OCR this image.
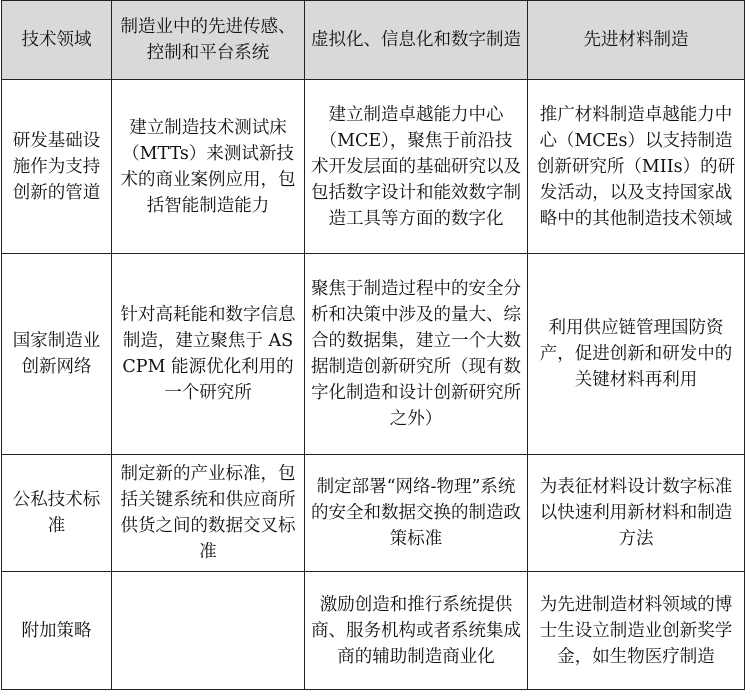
技术领域	制造业中的先进传感、控制和平台系统	虚拟化、信息化和数字制造	先进材料制造
研发基础设施作为支持创新的管道	建立制造技术测试床（MTTs）来测试新技术的商业案例应用，包括智能制造能力	建立制造卓越能力中心（MCE），聚焦于前沿技术开发层面的基础研究以及包括数字设计和能效数字制造工具等方面的数字化	推广材料制造卓越能力中心（MCEs）以支持制造创新研究所（MIIs）的研发活动，以及支持国家战略中的其他制造技术领域
国家制造业创新网络	针对高耗能和数字信息制造，建立聚焦于 ASCPM 能源优化利用的一个研究所	聚焦于制造过程中的安全分析和决策中涉及的量大、综合的数据集，建立一个大数据制造创新研究所（现有数字化制造和设计创新研究所之外）	利用供应链管理国防资产，促进创新和研发中的关键材料再利用
公私技术标准	制定新的产业标准，包括关键系统和供应商所供货之间的数据交叉标准	制定部署“网络-物理”系统的安全和数据交换的制造政策标准	为表征材料设计数字标准以快速利用新材料和制造方法
附加策略		激励创造和推行系统提供商、服务机构或者系统集成商的辅助制造商业化	为先进制造材料领域的博士生设立制造业创新奖学金，如生物医疗制造
